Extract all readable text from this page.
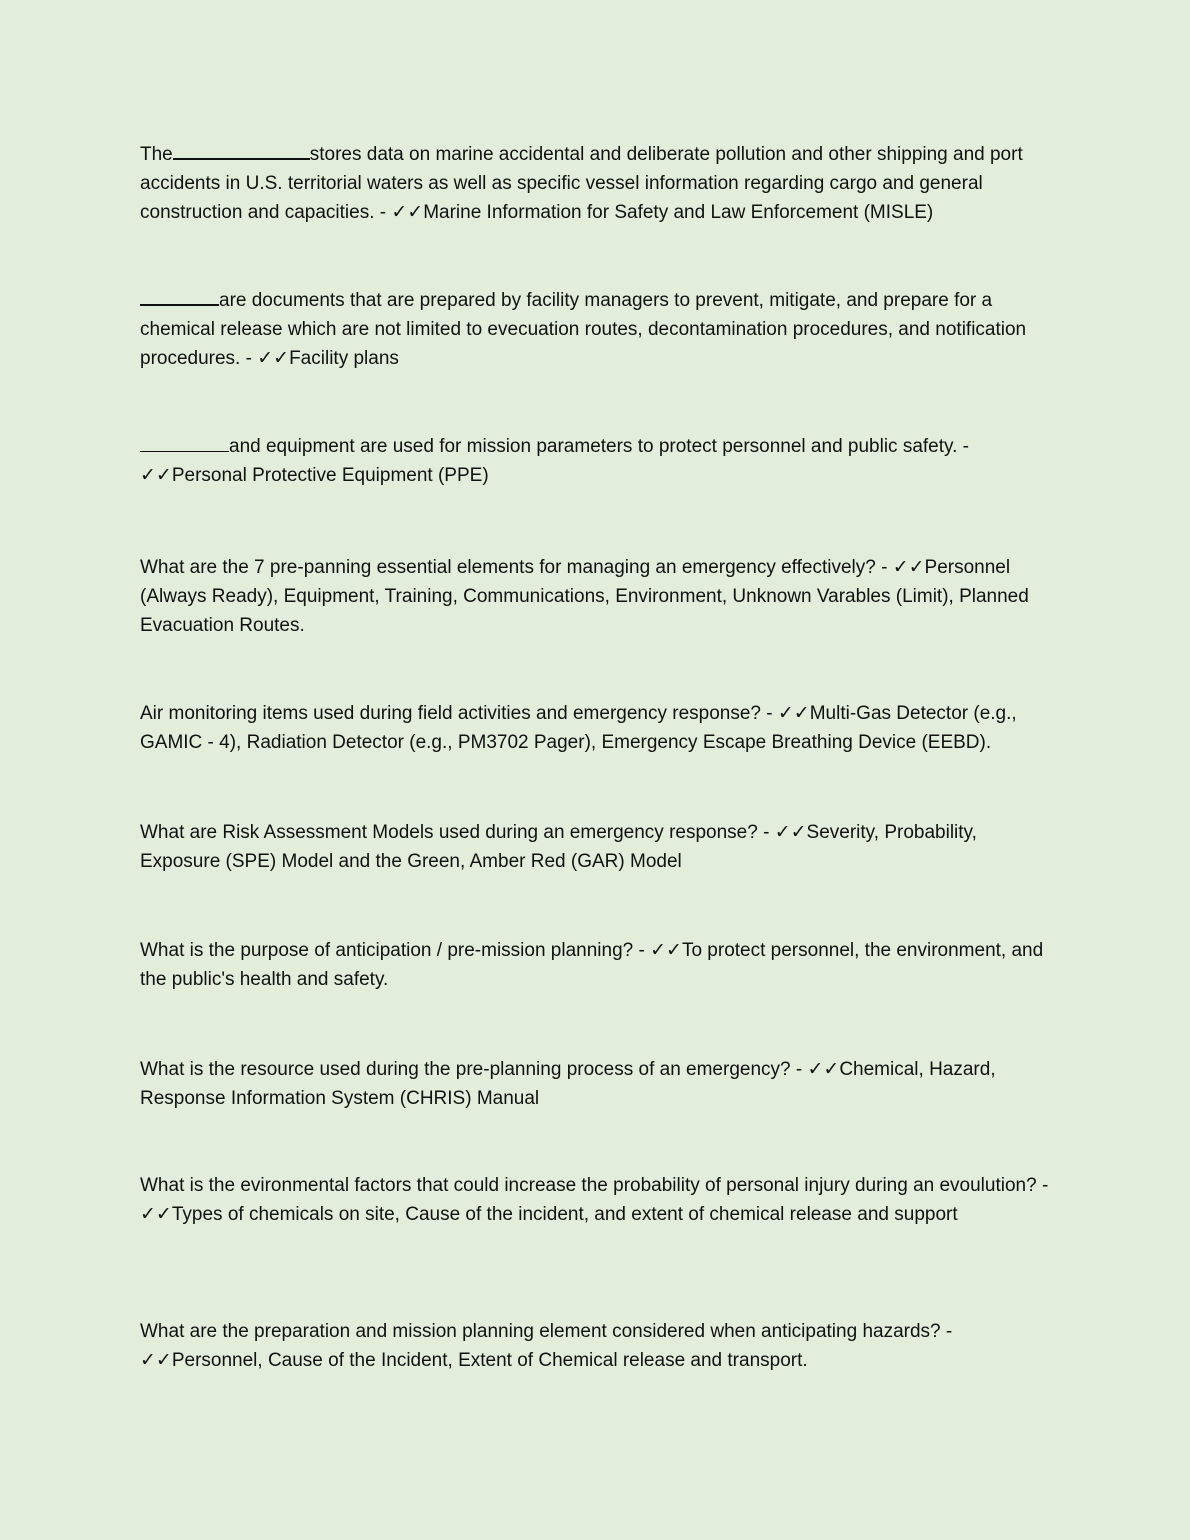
The	stores data on marine accidental and deliberate pollution and other shipping and port accidents in U.S. territorial waters as well as specific vessel information regarding cargo and general construction and capacities. - ✓✓Marine Information for Safety and Law Enforcement (MISLE)

are documents that are prepared by facility managers to prevent, mitigate, and prepare for a chemical release which are not limited to evecuation routes, decontamination procedures, and notification procedures. - ✓✓Facility plans

and equipment are used for mission parameters to protect personnel and public safety. -
✓✓Personal Protective Equipment (PPE)

What are the 7 pre-panning essential elements for managing an emergency effectively? - ✓✓Personnel (Always Ready), Equipment, Training, Communications, Environment, Unknown Varables (Limit), Planned Evacuation Routes.

Air monitoring items used during field activities and emergency response? - ✓✓Multi-Gas Detector (e.g., GAMIC - 4), Radiation Detector (e.g., PM3702 Pager), Emergency Escape Breathing Device (EEBD).

What are Risk Assessment Models used during an emergency response? - ✓✓Severity, Probability, Exposure (SPE) Model and the Green, Amber Red (GAR) Model

What is the purpose of anticipation / pre-mission planning? - ✓✓To protect personnel, the environment, and the public's health and safety.

What is the resource used during the pre-planning process of an emergency? - ✓✓Chemical, Hazard, Response Information System (CHRIS) Manual

What is the evironmental factors that could increase the probability of personal injury during an evoulution? - ✓✓Types of chemicals on site, Cause of the incident, and extent of chemical release and support

What are the preparation and mission planning element considered when anticipating hazards? -
✓✓Personnel, Cause of the Incident, Extent of Chemical release and transport.
